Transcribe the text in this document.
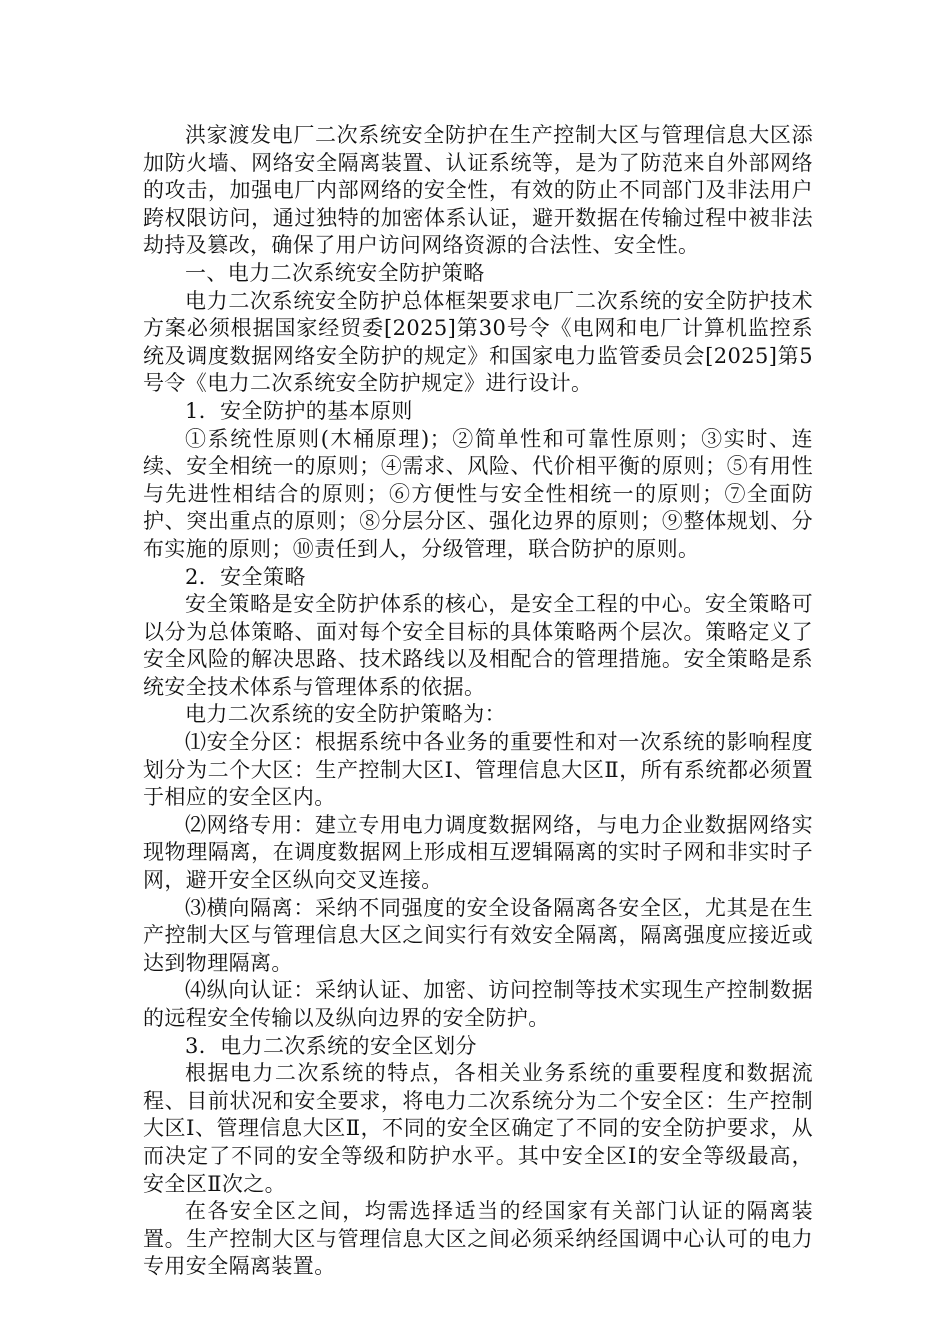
洪家渡发电厂二次系统安全防护在生产控制大区与管理信息大区添加防火墙、网络安全隔离装置、认证系统等，是为了防范来自外部网络的攻击，加强电厂内部网络的安全性，有效的防止不同部门及非法用户跨权限访问，通过独特的加密体系认证，避开数据在传输过程中被非法劫持及篡改，确保了用户访问网络资源的合法性、安全性。

一、电力二次系统安全防护策略

电力二次系统安全防护总体框架要求电厂二次系统的安全防护技术方案必须根据国家经贸委[2025]第30号令《电网和电厂计算机监控系统及调度数据网络安全防护的规定》和国家电力监管委员会[2025]第5号令《电力二次系统安全防护规定》进行设计。

1．安全防护的基本原则

①系统性原则(木桶原理)；②简单性和可靠性原则；③实时、连续、安全相统一的原则；④需求、风险、代价相平衡的原则；⑤有用性与先进性相结合的原则；⑥方便性与安全性相统一的原则；⑦全面防护、突出重点的原则；⑧分层分区、强化边界的原则；⑨整体规划、分布实施的原则；⑩责任到人，分级管理，联合防护的原则。

2．安全策略

安全策略是安全防护体系的核心，是安全工程的中心。安全策略可以分为总体策略、面对每个安全目标的具体策略两个层次。策略定义了安全风险的解决思路、技术路线以及相配合的管理措施。安全策略是系统安全技术体系与管理体系的依据。

电力二次系统的安全防护策略为：

⑴安全分区：根据系统中各业务的重要性和对一次系统的影响程度划分为二个大区：生产控制大区Ⅰ、管理信息大区Ⅱ，所有系统都必须置于相应的安全区内。

⑵网络专用：建立专用电力调度数据网络，与电力企业数据网络实现物理隔离，在调度数据网上形成相互逻辑隔离的实时子网和非实时子网，避开安全区纵向交叉连接。

⑶横向隔离：采纳不同强度的安全设备隔离各安全区，尤其是在生产控制大区与管理信息大区之间实行有效安全隔离，隔离强度应接近或达到物理隔离。

⑷纵向认证：采纳认证、加密、访问控制等技术实现生产控制数据的远程安全传输以及纵向边界的安全防护。

3．电力二次系统的安全区划分

根据电力二次系统的特点，各相关业务系统的重要程度和数据流程、目前状况和安全要求，将电力二次系统分为二个安全区：生产控制大区Ⅰ、管理信息大区Ⅱ，不同的安全区确定了不同的安全防护要求，从而决定了不同的安全等级和防护水平。其中安全区Ⅰ的安全等级最高，安全区Ⅱ次之。

在各安全区之间，均需选择适当的经国家有关部门认证的隔离装置。生产控制大区与管理信息大区之间必须采纳经国调中心认可的电力专用安全隔离装置。
